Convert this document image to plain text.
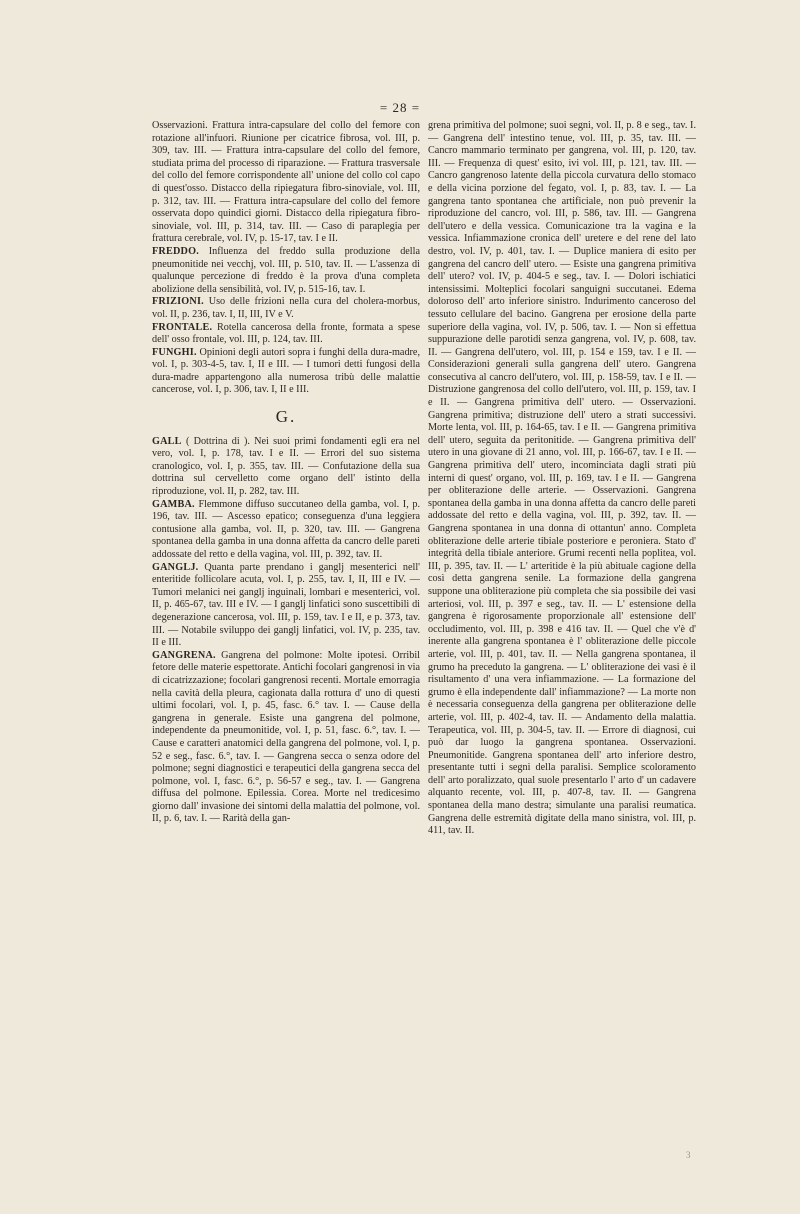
= 28 =

Osservazioni. Frattura intra-capsulare del collo del femore con rotazione all'infuori. Riunione per cicatrice fibrosa, vol. III, p. 309, tav. III. — Frattura intra-capsulare del collo del femore, studiata prima del processo di riparazione. — Frattura trasversale del collo del femore corrispondente all' unione del collo col capo di quest'osso. Distacco della ripiegatura fibro-sinoviale, vol. III, p. 312, tav. III. — Frattura intra-capsulare del collo del femore osservata dopo quindici giorni. Distacco della ripiegatura fibro-sinoviale, vol. III, p. 314, tav. III. — Caso di paraplegia per frattura cerebrale, vol. IV, p. 15-17, tav. I e II.

FREDDO. Influenza del freddo sulla produzione della pneumonitide nei vecchj, vol. III, p. 510, tav. II. — L'assenza di qualunque percezione di freddo è la prova d'una completa abolizione della sensibilità, vol. IV, p. 515-16, tav. I.

FRIZIONI. Uso delle frizioni nella cura del cholera-morbus, vol. II, p. 236, tav. I, II, III, IV e V.

FRONTALE. Rotella cancerosa della fronte, formata a spese dell' osso frontale, vol. III, p. 124, tav. III.

FUNGHI. Opinioni degli autori sopra i funghi della dura-madre, vol. I, p. 303-4-5, tav. I, II e III. — I tumori detti fungosi della dura-madre appartengono alla numerosa tribù delle malattie cancerose, vol. I, p. 306, tav. I, II e III.

G.

GALL ( Dottrina di ). Nei suoi primi fondamenti egli era nel vero, vol. I, p. 178, tav. I e II. — Errori del suo sistema cranologico, vol. I, p. 355, tav. III. — Confutazione della sua dottrina sul cervelletto come organo dell' istinto della riproduzione, vol. II, p. 282, tav. III.

GAMBA. Flemmone diffuso succutaneo della gamba, vol. I, p. 196, tav. III. — Ascesso epatico; conseguenza d'una leggiera contusione alla gamba, vol. II, p. 320, tav. III. — Gangrena spontanea della gamba in una donna affetta da cancro delle pareti addossate del retto e della vagina, vol. III, p. 392, tav. II.

GANGLJ. Quanta parte prendano i ganglj mesenterici nell' enteritide follicolare acuta, vol. I, p. 255, tav. I, II, III e IV. — Tumori melanici nei ganglj inguinali, lombari e mesenterici, vol. II, p. 465-67, tav. III e IV. — I ganglj linfatici sono suscettibili di degenerazione cancerosa, vol. III, p. 159, tav. I e II, e p. 373, tav. III. — Notabile sviluppo dei ganglj linfatici, vol. IV, p. 235, tav. II e III.

GANGRENA. Gangrena del polmone: Molte ipotesi. Orribil fetore delle materie espettorate. Antichi focolari gangrenosi in via di cicatrizzazione; focolari gangrenosi recenti. Mortale emorragia nella cavità della pleura, cagionata dalla rottura d' uno di questi ultimi focolari, vol. I, p. 45, fasc. 6.° tav. I. — Cause della gangrena in generale. Esiste una gangrena del polmone, independente da pneumonitide, vol. I, p. 51, fasc. 6.°, tav. I. — Cause e caratteri anatomici della gangrena del polmone, vol. I, p. 52 e seg., fasc. 6.°, tav. I. — Gangrena secca o senza odore del polmone; segni diagnostici e terapeutici della gangrena secca del polmone, vol. I, fasc. 6.°, p. 56-57 e seg., tav. I. — Gangrena diffusa del polmone. Epilessia. Corea. Morte nel tredicesimo giorno dall' invasione dei sintomi della malattia del polmone, vol. II, p. 6, tav. I. — Rarità della gan-

grena primitiva del polmone; suoi segni, vol. II, p. 8 e seg., tav. I. — Gangrena dell' intestino tenue, vol. III, p. 35, tav. III. — Cancro mammario terminato per gangrena, vol. III, p. 120, tav. III. — Frequenza di quest' esito, ivi vol. III, p. 121, tav. III. — Cancro gangrenoso latente della piccola curvatura dello stomaco e della vicina porzione del fegato, vol. I, p. 83, tav. I. — La gangrena tanto spontanea che artificiale, non può prevenir la riproduzione del cancro, vol. III, p. 586, tav. III. — Gangrena dell'utero e della vessica. Comunicazione tra la vagina e la vessica. Infiammazione cronica dell' uretere e del rene del lato destro, vol. IV, p. 401, tav. I. — Duplice maniera di esito per gangrena del cancro dell' utero. — Esiste una gangrena primitiva dell' utero? vol. IV, p. 404-5 e seg., tav. I. — Dolori ischiatici intensissimi. Molteplici focolari sanguigni succutanei. Edema doloroso dell' arto inferiore sinistro. Indurimento canceroso del tessuto cellulare del bacino. Gangrena per erosione della parte superiore della vagina, vol. IV, p. 506, tav. I. — Non si effettua suppurazione delle parotidi senza gangrena, vol. IV, p. 608, tav. II. — Gangrena dell'utero, vol. III, p. 154 e 159, tav. I e II. —Considerazioni generali sulla gangrena dell' utero. Gangrena consecutiva al cancro dell'utero, vol. III, p. 158-59, tav. I e II. — Distruzione gangrenosa del collo dell'utero, vol. III, p. 159, tav. I e II. — Gangrena primitiva dell' utero. — Osservazioni. Gangrena primitiva; distruzione dell' utero a strati successivi. Morte lenta, vol. III, p. 164-65, tav. I e II. — Gangrena primitiva dell' utero, seguita da peritonitide. — Gangrena primitiva dell' utero in una giovane di 21 anno, vol. III, p. 166-67, tav. I e II. — Gangrena primitiva dell' utero, incominciata dagli strati più interni di quest' organo, vol. III, p. 169, tav. I e II. — Gangrena per obliterazione delle arterie. — Osservazioni. Gangrena spontanea della gamba in una donna affetta da cancro delle pareti addossate del retto e della vagina, vol. III, p. 392, tav. II. — Gangrena spontanea in una donna di ottantun' anno. Completa obliterazione delle arterie tibiale posteriore e peroniera. Stato d' integrità della tibiale anteriore. Grumi recenti nella poplitea, vol. III, p. 395, tav. II. — L' arteritide è la più abituale cagione della così detta gangrena senile. La formazione della gangrena suppone una obliterazione più completa che sia possibile dei vasi arteriosi, vol. III, p. 397 e seg., tav. II. — L' estensione della gangrena è rigorosamente proporzionale all' estensione dell' occludimento, vol. III, p. 398 e 416 tav. II. — Quel che v'è d' inerente alla gangrena spontanea è l' obliterazione delle piccole arterie, vol. III, p. 401, tav. II. — Nella gangrena spontanea, il grumo ha preceduto la gangrena. — L' obliterazione dei vasi è il risultamento d' una vera infiammazione. — La formazione del grumo è ella independente dall' infiammazione? — La morte non è necessaria conseguenza della gangrena per obliterazione delle arterie, vol. III, p. 402-4, tav. II. — Andamento della malattia. Terapeutica, vol. III, p. 304-5, tav. II. — Errore di diagnosi, cui può dar luogo la gangrena spontanea. Osservazioni. Pneumonitide. Gangrena spontanea dell' arto inferiore destro, presentante tutti i segni della paralisi. Semplice scoloramento dell' arto poralizzato, qual suole presentarlo l' arto d' un cadavere alquanto recente, vol. III, p. 407-8, tav. II. — Gangrena spontanea della mano destra; simulante una paralisi reumatica. Gangrena delle estremità digitate della mano sinistra, vol. III, p. 411, tav. II.

3
